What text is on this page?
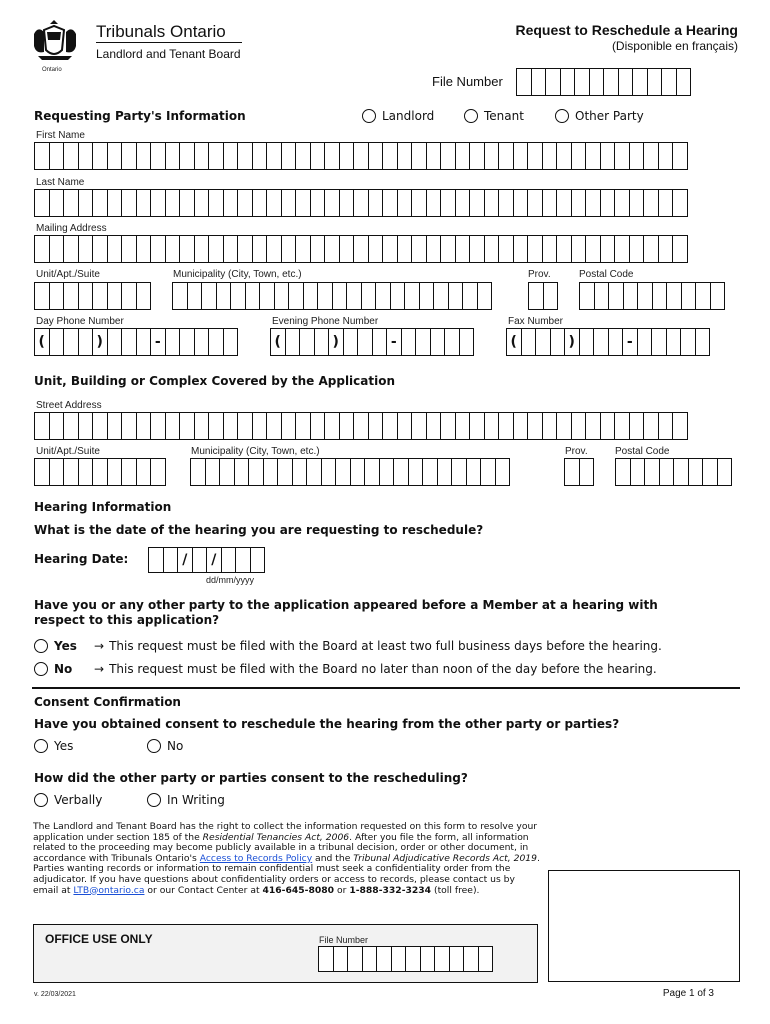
Ontario
Tribunals Ontario
Landlord and Tenant Board
Request to Reschedule a Hearing
(Disponible en français)
File Number
Requesting Party's Information	Landlord	Tenant	Other Party
First Name
Last Name
Mailing Address
Unit/Apt./Suite	Municipality (City, Town, etc.)	Prov.	Postal Code
Day Phone Number	Evening Phone Number	Fax Number
(	)	-	(	)	-	(	)	-
Unit, Building or Complex Covered by the Application
Street Address
Unit/Apt./Suite	Municipality (City, Town, etc.)	Prov.	Postal Code
Hearing Information
What is the date of the hearing you are requesting to reschedule?
Hearing Date:	/	/
dd/mm/yyyy
Have you or any other party to the application appeared before a Member at a hearing with respect to this application?
Yes	→ This request must be filed with the Board at least two full business days before the hearing.
No	→ This request must be filed with the Board no later than noon of the day before the hearing.
Consent Confirmation
Have you obtained consent to reschedule the hearing from the other party or parties?
Yes	No
How did the other party or parties consent to the rescheduling?
Verbally	In Writing
The Landlord and Tenant Board has the right to collect the information requested on this form to resolve your application under section 185 of the Residential Tenancies Act, 2006. After you file the form, all information related to the proceeding may become publicly available in a tribunal decision, order or other document, in accordance with Tribunals Ontario's Access to Records Policy and the Tribunal Adjudicative Records Act, 2019. Parties wanting records or information to remain confidential must seek a confidentiality order from the adjudicator. If you have questions about confidentiality orders or access to records, please contact us by email at LTB@ontario.ca or our Contact Center at 416-645-8080 or 1-888-332-3234 (toll free).
OFFICE USE ONLY	File Number
v. 22/03/2021	Page 1 of 3
